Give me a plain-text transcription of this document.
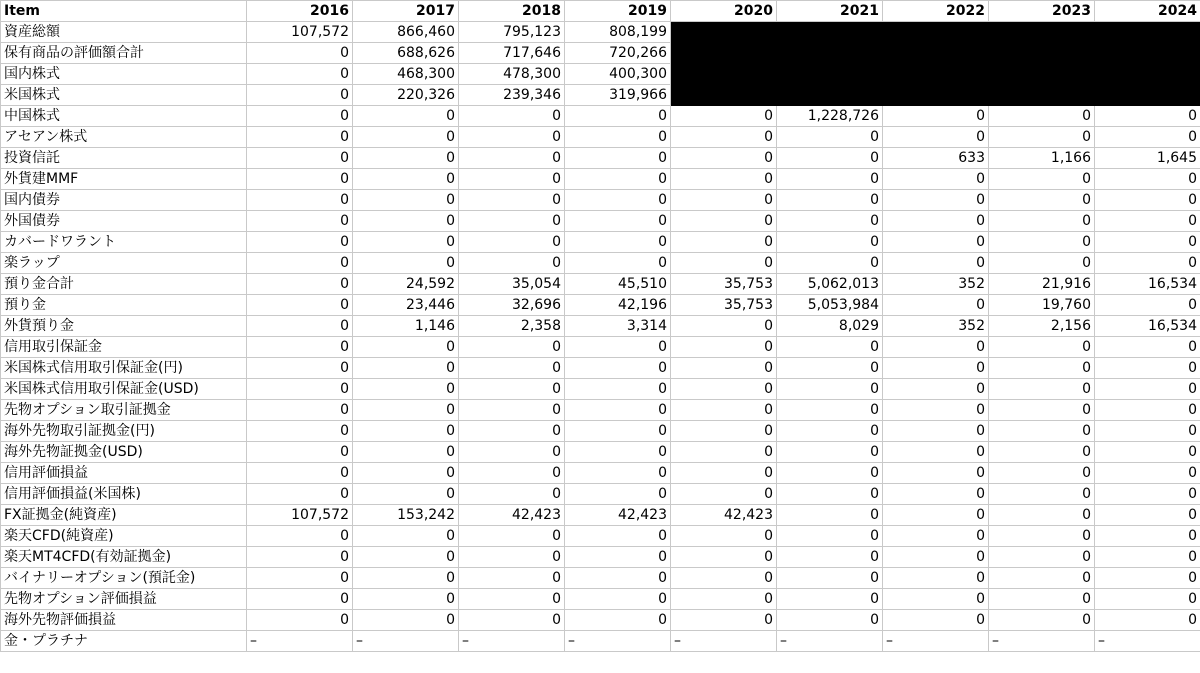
Item	2016	2017	2018	2019	2020	2021	2022	2023	2024
資産総額	107,572	866,460	795,123	808,199					
保有商品の評価額合計	0	688,626	717,646	720,266					
国内株式	0	468,300	478,300	400,300					
米国株式	0	220,326	239,346	319,966					
中国株式	0	0	0	0	0	1,228,726	0	0	0
アセアン株式	0	0	0	0	0	0	0	0	0
投資信託	0	0	0	0	0	0	633	1,166	1,645
外貨建MMF	0	0	0	0	0	0	0	0	0
国内債券	0	0	0	0	0	0	0	0	0
外国債券	0	0	0	0	0	0	0	0	0
カバードワラント	0	0	0	0	0	0	0	0	0
楽ラップ	0	0	0	0	0	0	0	0	0
預り金合計	0	24,592	35,054	45,510	35,753	5,062,013	352	21,916	16,534
預り金	0	23,446	32,696	42,196	35,753	5,053,984	0	19,760	0
外貨預り金	0	1,146	2,358	3,314	0	8,029	352	2,156	16,534
信用取引保証金	0	0	0	0	0	0	0	0	0
米国株式信用取引保証金(円)	0	0	0	0	0	0	0	0	0
米国株式信用取引保証金(USD)	0	0	0	0	0	0	0	0	0
先物オプション取引証拠金	0	0	0	0	0	0	0	0	0
海外先物取引証拠金(円)	0	0	0	0	0	0	0	0	0
海外先物証拠金(USD)	0	0	0	0	0	0	0	0	0
信用評価損益	0	0	0	0	0	0	0	0	0
信用評価損益(米国株)	0	0	0	0	0	0	0	0	0
FX証拠金(純資産)	107,572	153,242	42,423	42,423	42,423	0	0	0	0
楽天CFD(純資産)	0	0	0	0	0	0	0	0	0
楽天MT4CFD(有効証拠金)	0	0	0	0	0	0	0	0	0
バイナリーオプション(預託金)	0	0	0	0	0	0	0	0	0
先物オプション評価損益	0	0	0	0	0	0	0	0	0
海外先物評価損益	0	0	0	0	0	0	0	0	0
金・プラチナ	–	–	–	–	–	–	–	–	–
